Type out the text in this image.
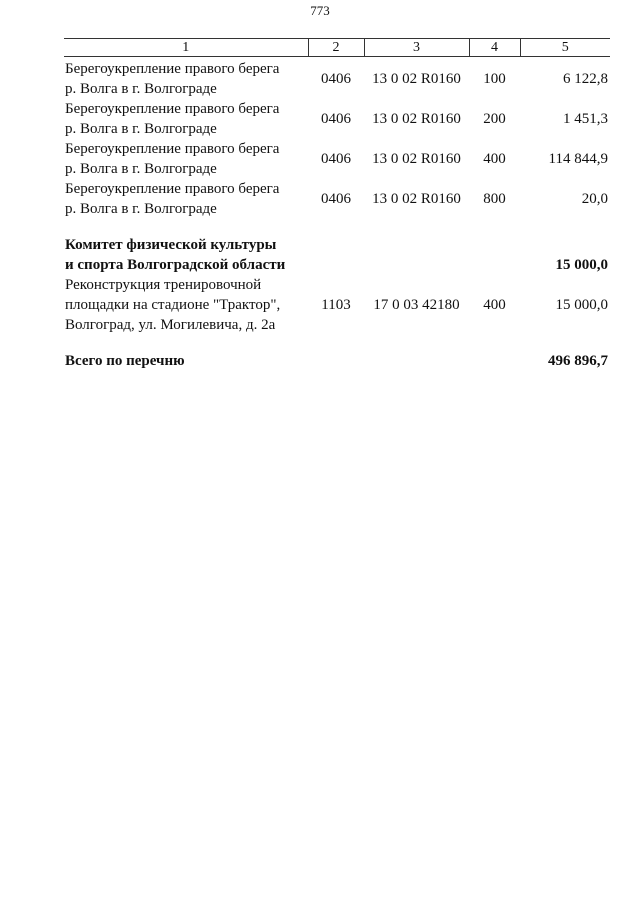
773
1	2	3	4	5

Берегоукрепление правого берега
р. Волга в г. Волгограде	0406	13 0 02 R0160	100	6 122,8

Берегоукрепление правого берега
р. Волга в г. Волгограде	0406	13 0 02 R0160	200	1 451,3

Берегоукрепление правого берега
р. Волга в г. Волгограде	0406	13 0 02 R0160	400	114 844,9

Берегоукрепление правого берега
р. Волга в г. Волгограде	0406	13 0 02 R0160	800	20,0

Комитет физической культуры
и спорта Волгоградской области				15 000,0

Реконструкция тренировочной
площадки на стадионе "Трактор",
Волгоград, ул. Могилевича, д. 2а	1103	17 0 03 42180	400	15 000,0

Всего по перечню				496 896,7
